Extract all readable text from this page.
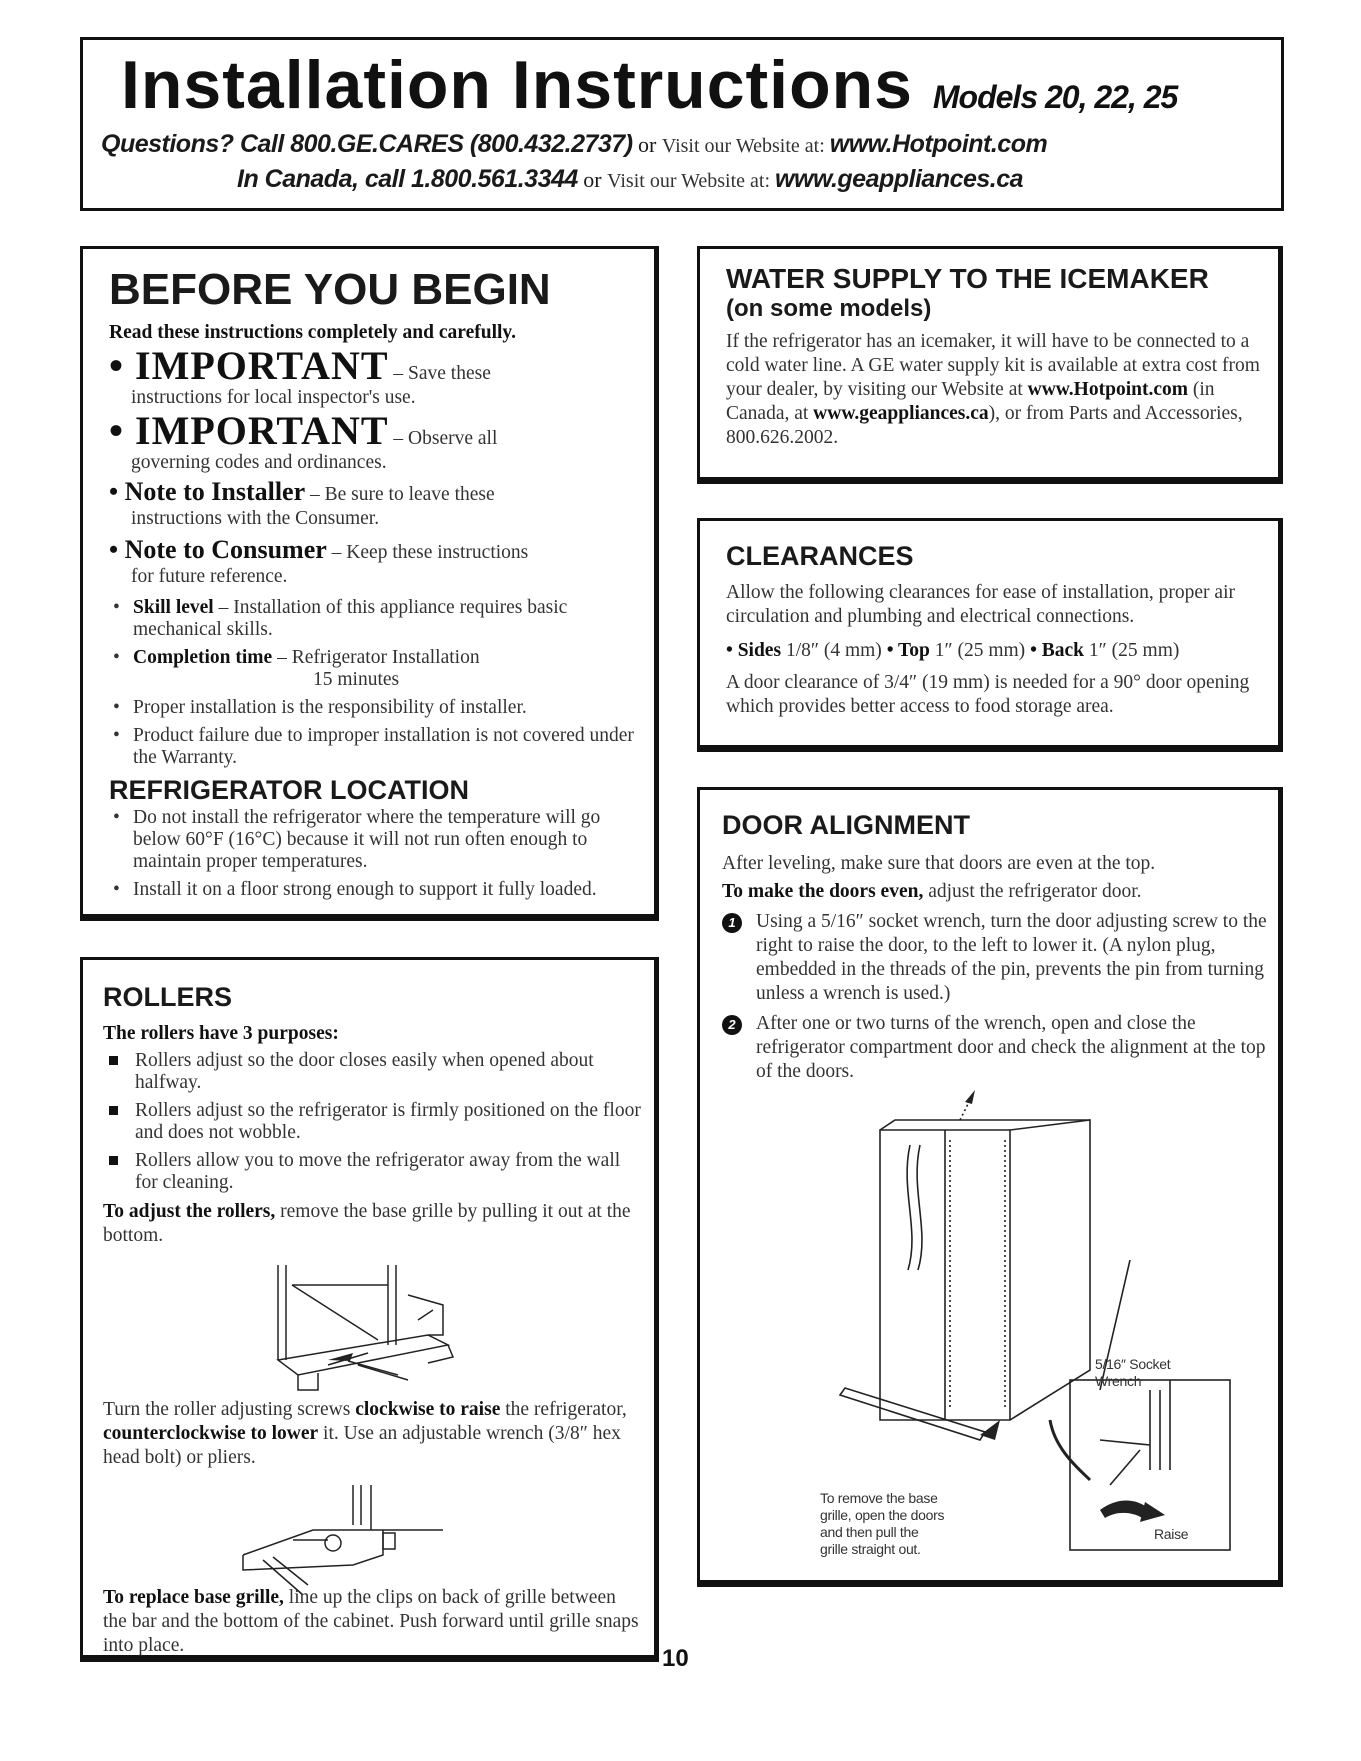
Installation Instructions Models 20, 22, 25
Questions? Call 800.GE.CARES (800.432.2737) or Visit our Website at: www.Hotpoint.com
In Canada, call 1.800.561.3344 or Visit our Website at: www.geappliances.ca
BEFORE YOU BEGIN

Read these instructions completely and carefully.

• IMPORTANT – Save these
instructions for local inspector's use.
• IMPORTANT – Observe all
governing codes and ordinances.
• Note to Installer – Be sure to leave these
instructions with the Consumer.
• Note to Consumer – Keep these instructions
for future reference.
• Skill level – Installation of this appliance requires basic mechanical skills.
• Completion time – Refrigerator Installation
15 minutes
• Proper installation is the responsibility of installer.
• Product failure due to improper installation is not covered under the Warranty.
REFRIGERATOR LOCATION
• Do not install the refrigerator where the temperature will go below 60°F (16°C) because it will not run often enough to maintain proper temperatures.
• Install it on a floor strong enough to support it fully loaded.
ROLLERS

The rollers have 3 purposes:

Rollers adjust so the door closes easily when opened about halfway.
Rollers adjust so the refrigerator is firmly positioned on the floor and does not wobble.
Rollers allow you to move the refrigerator away from the wall for cleaning.

To adjust the rollers, remove the base grille by pulling it out at the bottom.

Turn the roller adjusting screws clockwise to raise the refrigerator, counterclockwise to lower it. Use an adjustable wrench (3/8″ hex head bolt) or pliers.

To replace base grille, line up the clips on back of grille between the bar and the bottom of the cabinet. Push forward until grille snaps into place.

WATER SUPPLY TO THE ICEMAKER
(on some models)

If the refrigerator has an icemaker, it will have to be connected to a cold water line. A GE water supply kit is available at extra cost from your dealer, by visiting our Website at www.Hotpoint.com (in Canada, at www.geappliances.ca), or from Parts and Accessories, 800.626.2002.

CLEARANCES

Allow the following clearances for ease of installation, proper air circulation and plumbing and electrical connections.

• Sides 1/8″ (4 mm) • Top 1″ (25 mm) • Back 1″ (25 mm)

A door clearance of 3/4″ (19 mm) is needed for a 90° door opening which provides better access to food storage area.

DOOR ALIGNMENT

After leveling, make sure that doors are even at the top.

To make the doors even, adjust the refrigerator door.

1	Using a 5/16″ socket wrench, turn the door adjusting screw to the right to raise the door, to the left to lower it. (A nylon plug, embedded in the threads of the pin, prevents the pin from turning unless a wrench is used.)

2	After one or two turns of the wrench, open and close the refrigerator compartment door and check the alignment at the top of the doors.

5/16″ Socket
Wrench
To remove the base
grille, open the doors
and then pull the
grille straight out.
Raise
10
